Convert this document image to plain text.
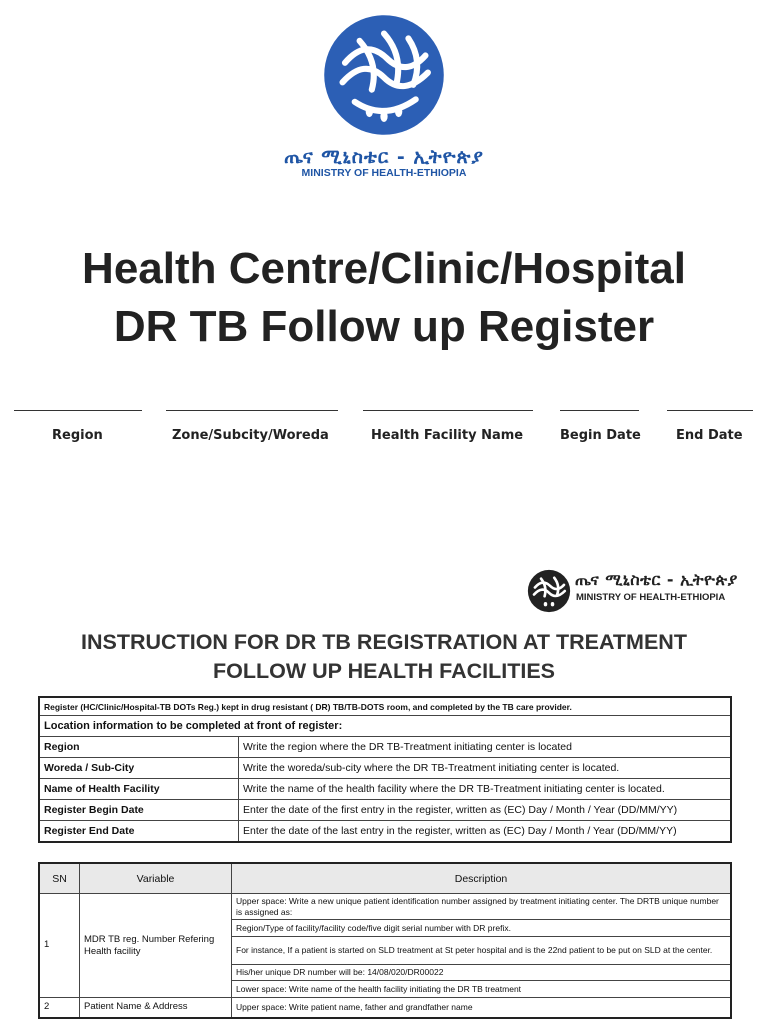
ጤና ሚኒስቴር - ኢትዮጵያ
MINISTRY OF HEALTH-ETHIOPIA
Health Centre/Clinic/Hospital
DR TB Follow up Register
Region	Zone/Subcity/Woreda	Health Facility Name	Begin Date	End Date
ጤና ሚኒስቴር - ኢትዮጵያ
MINISTRY OF HEALTH-ETHIOPIA
INSTRUCTION FOR DR TB REGISTRATION AT TREATMENT
FOLLOW UP HEALTH FACILITIES
Register (HC/Clinic/Hospital-TB DOTs Reg.) kept in drug resistant ( DR) TB/TB-DOTS room, and completed by the TB care provider.	
Location information to be completed at front of register:	
Region	Write the region where the DR TB-Treatment initiating center is located
Woreda / Sub-City	Write the woreda/sub-city where the DR TB-Treatment initiating center is located.
Name of Health Facility	Write the name of the health facility where the DR TB-Treatment initiating center is located.
Register Begin Date	Enter the date of the first entry in the register, written as (EC) Day / Month / Year (DD/MM/YY)
Register End Date	Enter the date of the last entry in the register, written as (EC) Day / Month / Year (DD/MM/YY)
SN	Variable	Description
1	MDR TB reg. Number Refering Health facility	Upper space: Write a new unique patient identification number assigned by treatment initiating center. The DRTB unique number is assigned as:
		Region/Type of facility/facility code/five digit serial number with DR prefix.
		For instance, If a patient is started on SLD treatment at St peter hospital and is the 22nd patient to be put on SLD at the center.
		His/her unique DR number will be: 14/08/020/DR00022
		Lower space: Write name of the health facility initiating the DR TB treatment
2	Patient Name & Address	Upper space: Write patient name, father and grandfather name
